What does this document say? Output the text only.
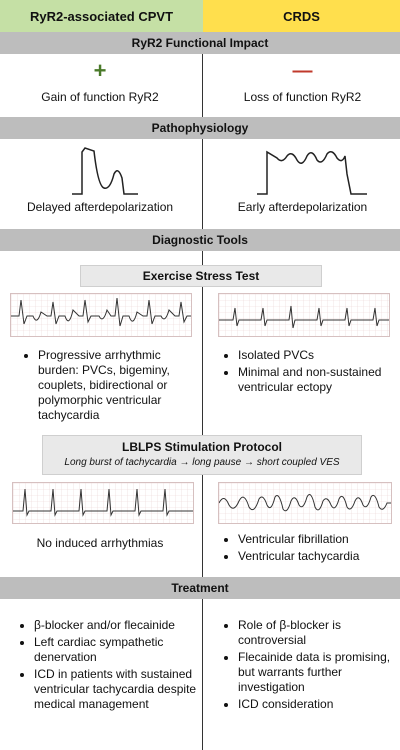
RyR2-associated CPVT	CRDS
RyR2 Functional Impact
+
Gain of function RyR2
—
Loss of function RyR2
Pathophysiology
Delayed afterdepolarization	Early afterdepolarization
Diagnostic Tools
Exercise Stress Test
• Progressive arrhythmic burden: PVCs, bigeminy, couplets, bidirectional or polymorphic ventricular tachycardia
• Isolated PVCs
• Minimal and non-sustained ventricular ectopy
LBLPS Stimulation Protocol
Long burst of tachycardia → long pause → short coupled VES
No induced arrhythmias
•	Ventricular fibrillation
• Ventricular tachycardia
Treatment
• β-blocker and/or flecainide
• Left cardiac sympathetic denervation
• ICD in patients with sustained ventricular tachycardia despite medical management
• Role of β-blocker is controversial
• Flecainide data is promising, but warrants further investigation
• ICD consideration
